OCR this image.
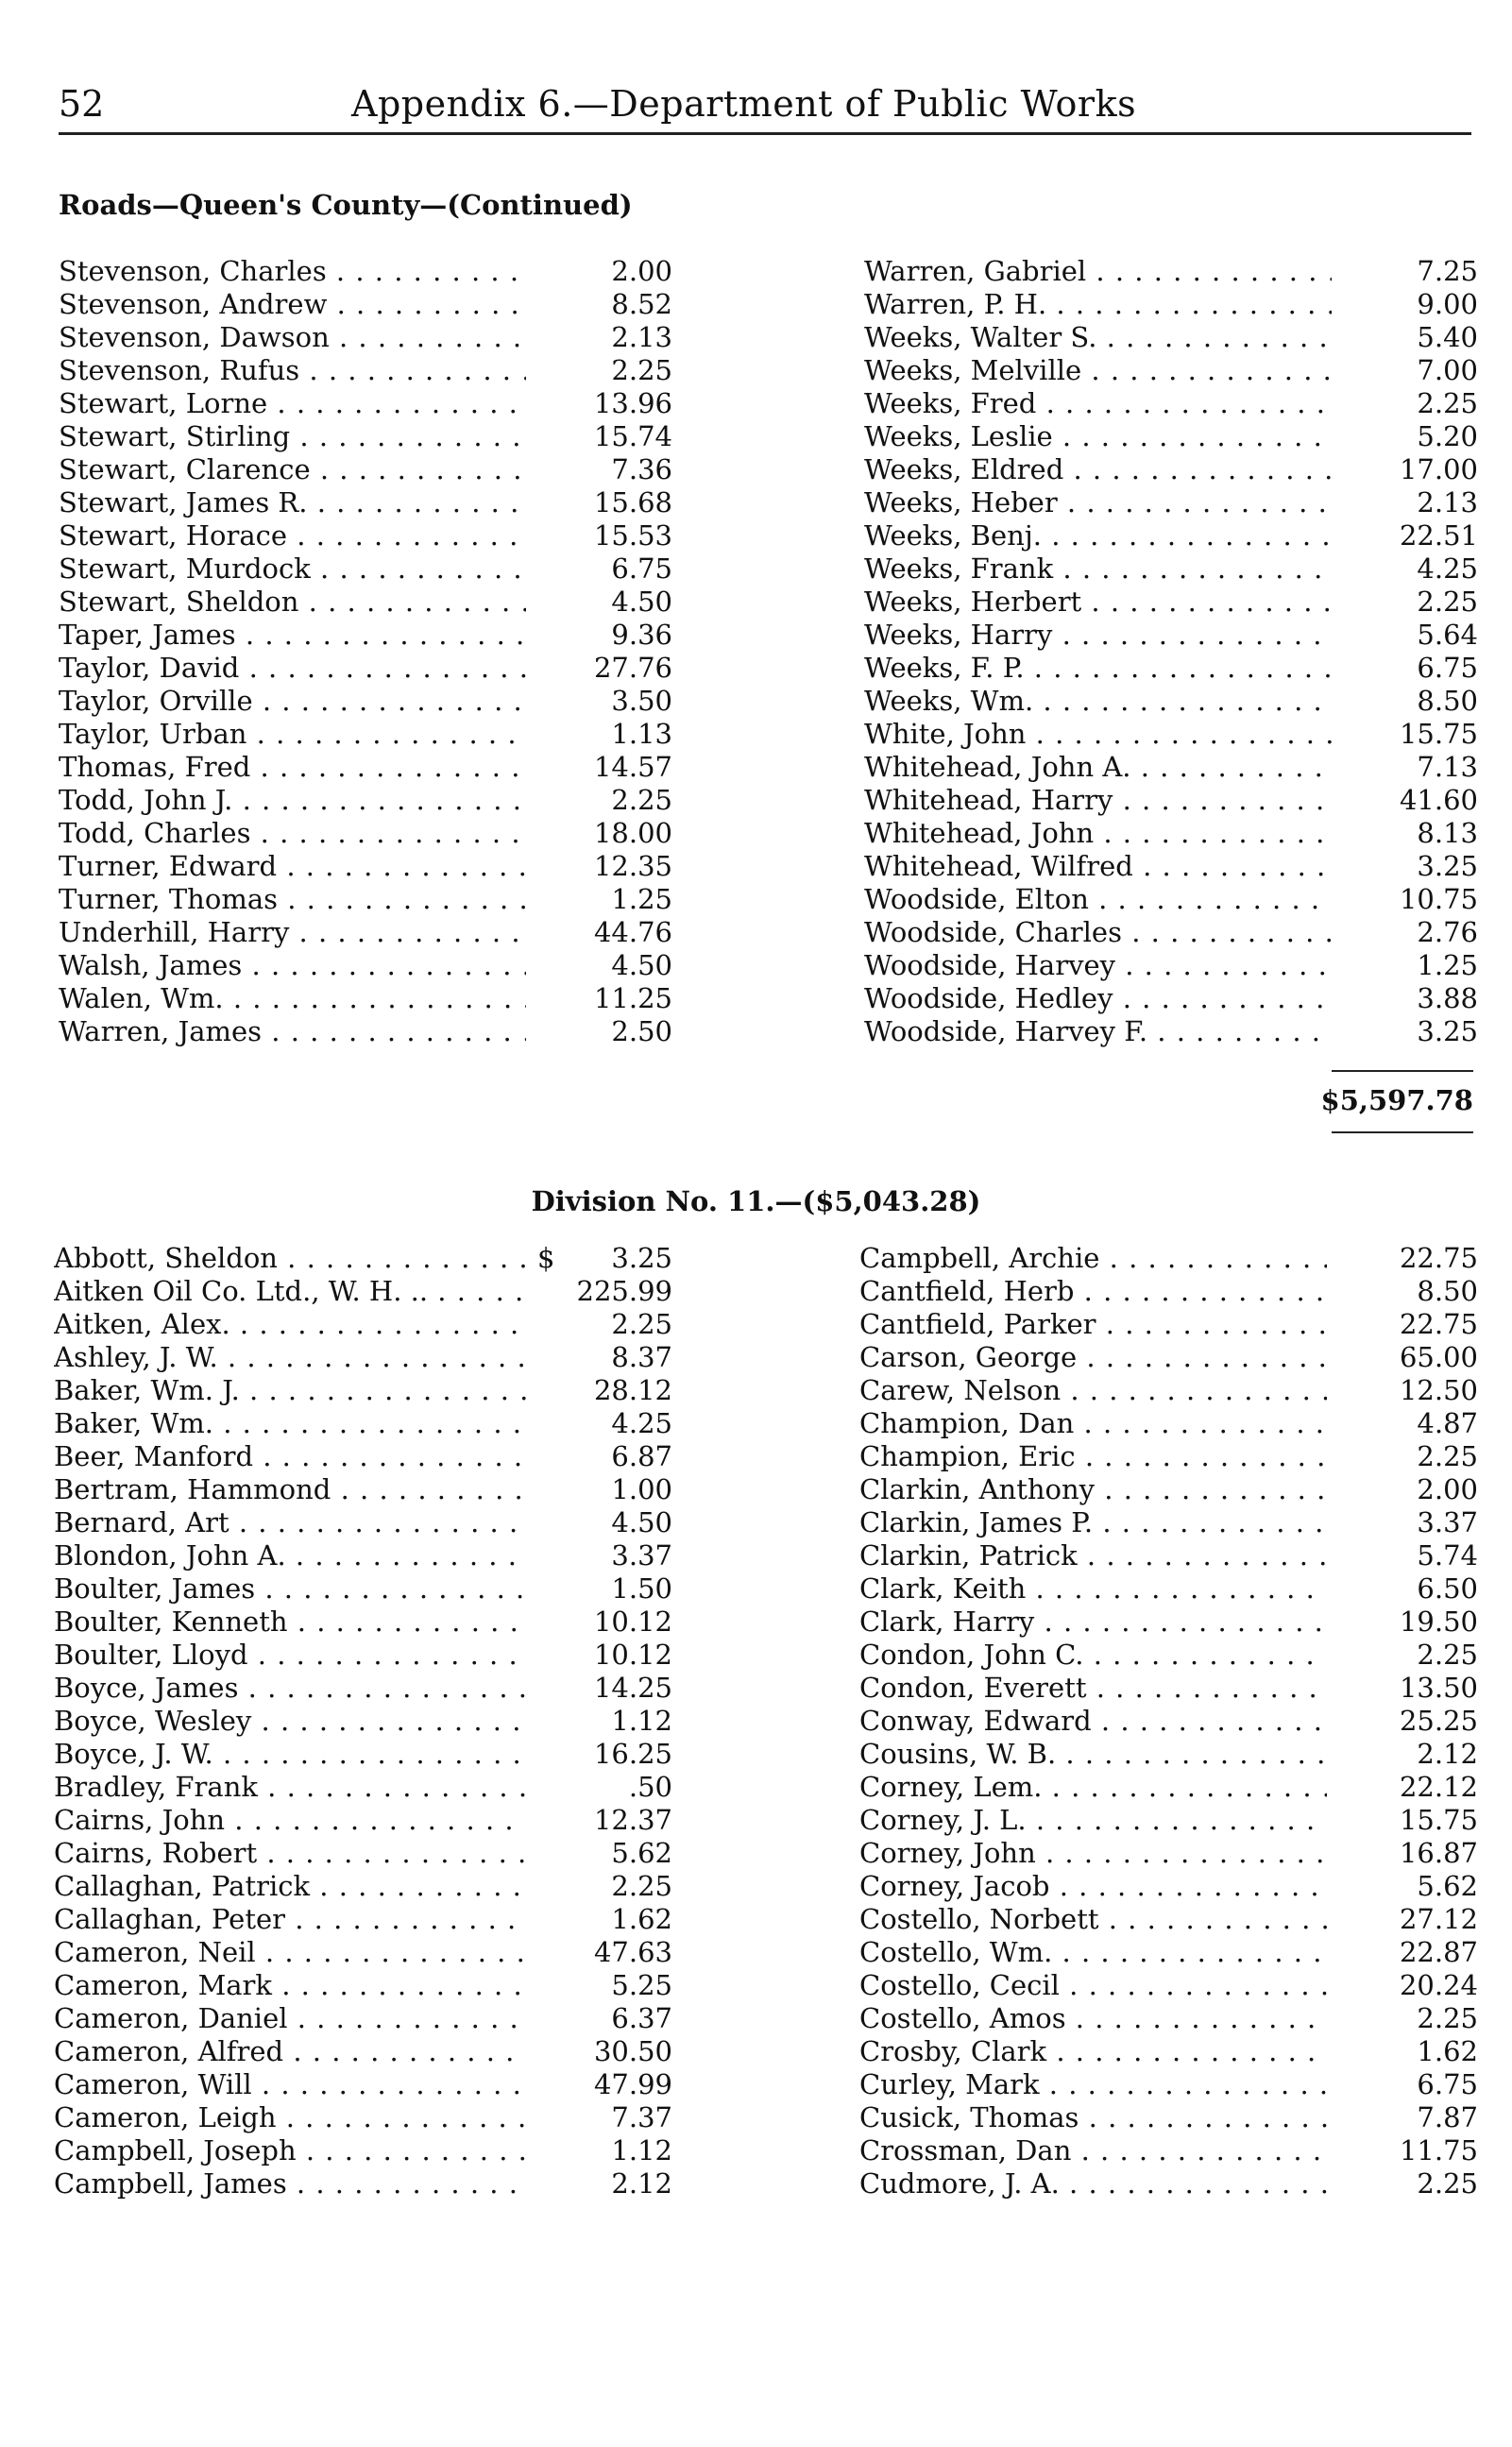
52	Appendix 6.—Department of Public Works
Roads—Queen's County—(Continued)
Stevenson, Charles . . .	2.00
Stevenson, Andrew . . .	8.52
Stevenson, Dawson . . .	2.13
Stevenson, Rufus . . .	2.25
Stewart, Lorne . . .	13.96
Stewart, Stirling . . .	15.74
Stewart, Clarence . . .	7.36
Stewart, James R. . . .	15.68
Stewart, Horace . . .	15.53
Stewart, Murdock . . .	6.75
Stewart, Sheldon . . .	4.50
Taper, James . . .	9.36
Taylor, David . . .	27.76
Taylor, Orville . . .	3.50
Taylor, Urban . . .	1.13
Thomas, Fred . . .	14.57
Todd, John J. . . .	2.25
Todd, Charles . . .	18.00
Turner, Edward . . .	12.35
Turner, Thomas . . .	1.25
Underhill, Harry . . .	44.76
Walsh, James . . .	4.50
Walen, Wm. . . .	11.25
Warren, James . . .	2.50
Warren, Gabriel . . .	7.25
Warren, P. H. . . .	9.00
Weeks, Walter S. . . .	5.40
Weeks, Melville . . .	7.00
Weeks, Fred . . .	2.25
Weeks, Leslie . . .	5.20
Weeks, Eldred . . .	17.00
Weeks, Heber . . .	2.13
Weeks, Benj. . . .	22.51
Weeks, Frank . . .	4.25
Weeks, Herbert . . .	2.25
Weeks, Harry . . .	5.64
Weeks, F. P. . . .	6.75
Weeks, Wm. . . .	8.50
White, John . . .	15.75
Whitehead, John A. . . .	7.13
Whitehead, Harry . . .	41.60
Whitehead, John . . .	8.13
Whitehead, Wilfred . . .	3.25
Woodside, Elton . . .	10.75
Woodside, Charles . . .	2.76
Woodside, Harvey . . .	1.25
Woodside, Hedley . . .	3.88
Woodside, Harvey F. . . .	3.25
$5,597.78
Division No. 11.—($5,043.28)
Abbott, Sheldon . . .	$ 3.25
Aitken Oil Co. Ltd., W. H. .. . . .	225.99
Aitken, Alex. . . .	2.25
Ashley, J. W. . . .	8.37
Baker, Wm. J. . . .	28.12
Baker, Wm. . . .	4.25
Beer, Manford . . .	6.87
Bertram, Hammond . . .	1.00
Bernard, Art . . .	4.50
Blondon, John A. . . .	3.37
Boulter, James . . .	1.50
Boulter, Kenneth . . .	10.12
Boulter, Lloyd . . .	10.12
Boyce, James . . .	14.25
Boyce, Wesley . . .	1.12
Boyce, J. W. . . .	16.25
Bradley, Frank . . .	.50
Cairns, John . . .	12.37
Cairns, Robert . . .	5.62
Callaghan, Patrick . . .	2.25
Callaghan, Peter . . .	1.62
Cameron, Neil . . .	47.63
Cameron, Mark . . .	5.25
Cameron, Daniel . . .	6.37
Cameron, Alfred . . .	30.50
Cameron, Will . . .	47.99
Cameron, Leigh . . .	7.37
Campbell, Joseph . . .	1.12
Campbell, James . . .	2.12
Campbell, Archie . . .	22.75
Cantfield, Herb . . .	8.50
Cantfield, Parker . . .	22.75
Carson, George . . .	65.00
Carew, Nelson . . .	12.50
Champion, Dan . . .	4.87
Champion, Eric . . .	2.25
Clarkin, Anthony . . .	2.00
Clarkin, James P. . . .	3.37
Clarkin, Patrick . . .	5.74
Clark, Keith . . .	6.50
Clark, Harry . . .	19.50
Condon, John C. . . .	2.25
Condon, Everett . . .	13.50
Conway, Edward . . .	25.25
Cousins, W. B. . . .	2.12
Corney, Lem. . . .	22.12
Corney, J. L. . . .	15.75
Corney, John . . .	16.87
Corney, Jacob . . .	5.62
Costello, Norbett . . .	27.12
Costello, Wm. . . .	22.87
Costello, Cecil . . .	20.24
Costello, Amos . . .	2.25
Crosby, Clark . . .	1.62
Curley, Mark . . .	6.75
Cusick, Thomas . . .	7.87
Crossman, Dan . . .	11.75
Cudmore, J. A. . . .	2.25
